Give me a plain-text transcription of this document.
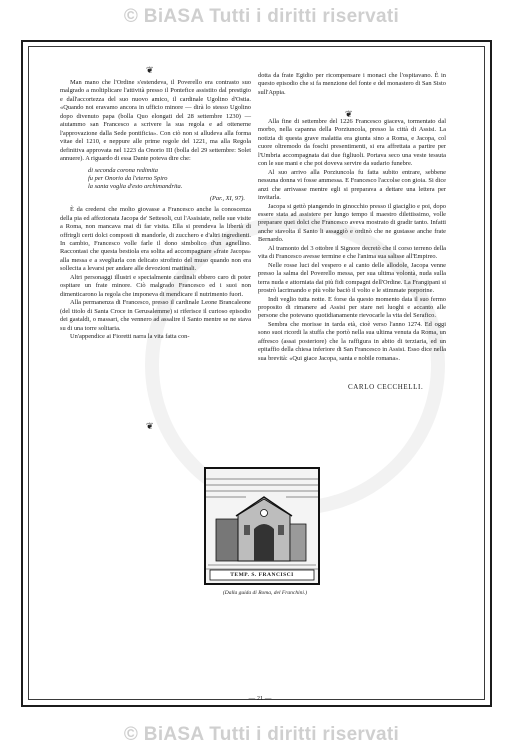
© BiASA Tutti i diritti riservati
❦
❦
❦

Man mano che l'Ordine s'estendeva, il Poverello era contrasto suo malgrado a moltiplicare l'attività presso il Pontefice assistito dal prestigio e dall'accortezza del suo nuovo amico, il cardinale Ugolino d'Ostia. «Quando noi eravamo ancora in ufficio minore — dirà lo stesso Ugolino dopo divenuto papa (bolla Quo elongati del 28 settembre 1230) — aiutammo san Francesco a scrivere la sua regola e ad ottenerne l'approvazione dalla Sede pontificia». Con ciò non si alludeva alla forma vitae del 1210, e neppure alle prime regole del 1221, ma alla Regola definitiva approvata nel 1223 da Onorio III (bolla del 29 settembre: Solet annuere). A riguardo di essa Dante poteva dire che:

di seconda corona redimita
fu per Onorio da l'eterno Spiro
la santa voglia d'esto archimandrita.
(Par., XI, 97).

È da credersi che molto giovasse a Francesco anche la conoscenza della pia ed affezionata Jacopa de' Settesoli, cui l'Assisiate, nelle sue visite a Roma, non mancava mai di far visita. Ella si prendeva la libertà di offrirgli certi dolci composti di mandorle, di zucchero e d'altri ingredienti. In cambio, Francesco volle farle il dono simbolico d'un agnellino. Raccontasi che questa bestiola era solita ad accompagnare «frate Jacopa» alla messa e a svegliarla con delicato strofinio del muso quando non era sollecita a levarsi per andare alle devozioni mattinali.

Altri personaggi illustri e specialmente cardinali ebbero caro di poter ospitare un frate minore. Ciò malgrado Francesco ed i suoi non dimenticarono la regola che imponeva di mendicare il nutrimento fuori.

Alla permanenza di Francesco, presso il cardinale Leone Brancaleone (del titolo di Santa Croce in Gerusalemme) si riferisce il curioso episodio dei gastaldi, o massari, che vennero ad assalire il Santo mentre se ne stava su di una torre solitaria.

Un'appendice ai Fioretti narra la vita fatta con-

dotta da frate Egidio per ricompensare i monaci che l'ospitavano. È in questo episodio che si fa menzione del fonte e del monastero di San Sisto sull'Appia.

Alla fine di settembre del 1226 Francesco giaceva, tormentato dal morbo, nella capanna della Porziuncola, presso la città di Assisi. La notizia di questa grave malattia era giunta sino a Roma, e Jacopa, col cuore oltremodo da foschi presentimenti, si era affrettata a partire per l'Umbria accompagnata dai due figliuoli. Portava seco una veste tessuta con le sue mani e che poi doveva servire da sudario funebre.

Al suo arrivo alla Porziuncola fu fatta subito entrare, sebbene nessuna donna vi fosse ammessa. E Francesco l'accolse con gioia. Si dice anzi che arrivasse mentre egli si preparava a dettare una lettera per invitarla.

Jacopa si gettò piangendo in ginocchio presso il giaciglio e poi, dopo essere stata ad assistere per lungo tempo il maestro dilettissimo, volle preparare quei dolci che Francesco aveva mostrato di gradir tanto. Infatti anche stavolta il Santo li assaggiò e ordinò che ne gustasse anche frate Bernardo.

Al tramonto del 3 ottobre il Signore decretò che il corso terreno della vita di Francesco avesse termine e che l'anima sua salisse all'Empireo.

Nelle rosse luci del vespero e al canto delle allodole, Jacopa venne presso la salma del Poverello messa, per sua ultima volontà, nuda sulla terra nuda e attorniata dai più fidi compagni dell'Ordine. La Frangipani si prostrò lacrimando e più volte baciò il volto e le stimmate porporine.

Indi veglio tutta notte. E forse da questo momento data il suo fermo proposito di rimanere ad Assisi per stare nei luoghi e accanto alle persone che potevano quotidianamente rievocarle la vita del Serafico.

Sembra che morisse in tarda età, cioè verso l'anno 1274. Ed oggi sono suoi ricordi la stuffa che portò nella sua ultima venuta da Roma, un affresco (assai posteriore) che la raffigura in abito di terziaria, ed un epitaffio della chiesa inferiore di San Francesco in Assisi. Esso dice nella sua brevità: «Qui giace Jacopa, santa e nobile romana».

CARLO CECCHELLI.
TEMP. S. FRANCISCI
(Dalla guida di Roma, del Franchini.)
— 21 —
© BiASA Tutti i diritti riservati
